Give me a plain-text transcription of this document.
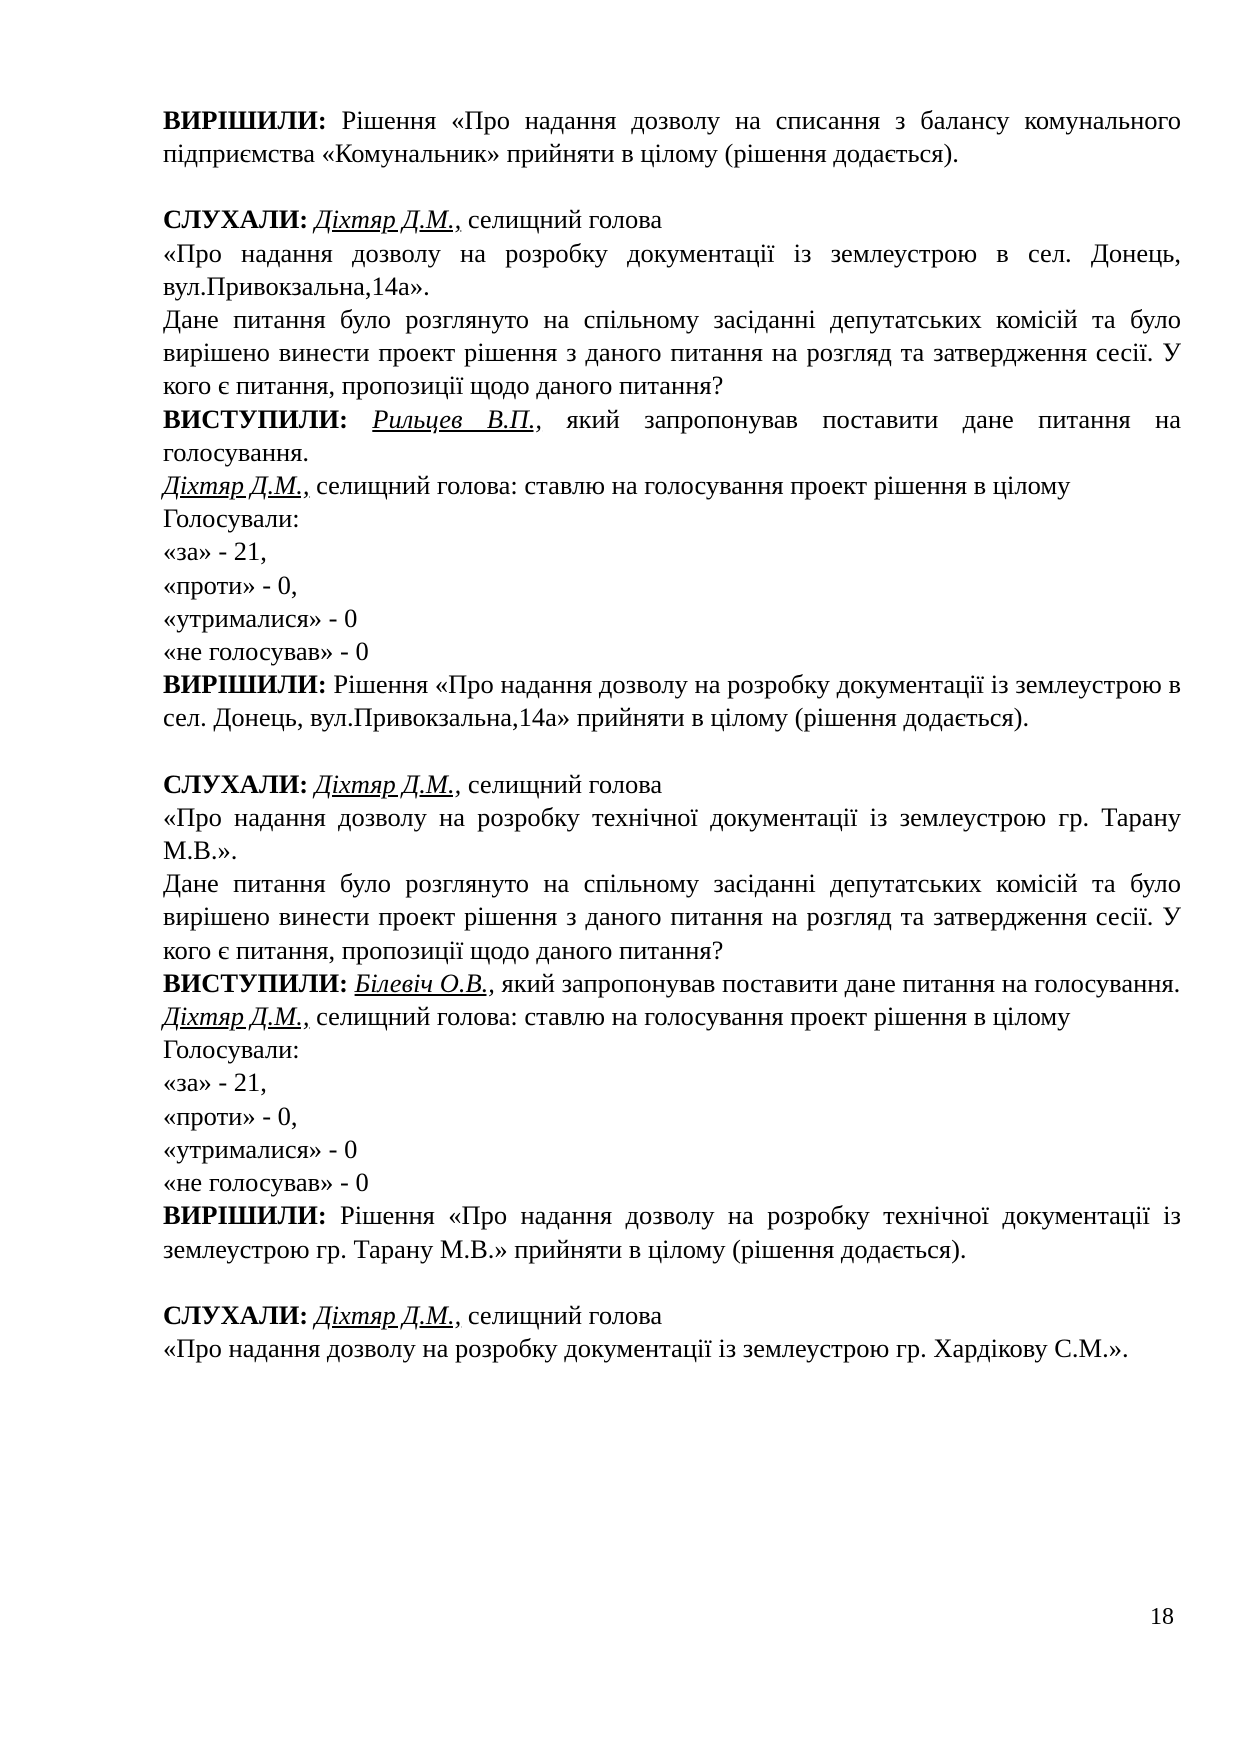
ВИРІШИЛИ: Рішення «Про надання дозволу на списання з балансу комунального підприємства «Комунальник» прийняти в цілому (рішення додається).

СЛУХАЛИ: Діхтяр Д.М., селищний голова

«Про надання дозволу на розробку документації із землеустрою в сел. Донець, вул.Привокзальна,14а».

Дане питання було розглянуто на спільному засіданні депутатських комісій та було вирішено винести проект рішення з даного питання на розгляд та затвердження сесії. У кого є питання, пропозиції щодо даного питання?

ВИСТУПИЛИ: Рильцев В.П., який запропонував поставити дане питання на голосування.

Діхтяр Д.М., селищний голова: ставлю на голосування проект рішення в цілому

Голосували:

«за» - 21,

«проти» - 0,

«утрималися» - 0

«не голосував» - 0

ВИРІШИЛИ: Рішення «Про надання дозволу на розробку документації із землеустрою в сел. Донець, вул.Привокзальна,14а» прийняти в цілому (рішення додається).

СЛУХАЛИ: Діхтяр Д.М., селищний голова

«Про надання дозволу на розробку технічної документації із землеустрою гр. Тарану М.В.».

Дане питання було розглянуто на спільному засіданні депутатських комісій та було вирішено винести проект рішення з даного питання на розгляд та затвердження сесії. У кого є питання, пропозиції щодо даного питання?

ВИСТУПИЛИ: Білевіч О.В., який запропонував поставити дане питання на голосування.

Діхтяр Д.М., селищний голова: ставлю на голосування проект рішення в цілому

Голосували:

«за» - 21,

«проти» - 0,

«утрималися» - 0

«не голосував» - 0

ВИРІШИЛИ: Рішення «Про надання дозволу на розробку технічної документації із землеустрою гр. Тарану М.В.» прийняти в цілому (рішення додається).

СЛУХАЛИ: Діхтяр Д.М., селищний голова

«Про надання дозволу на розробку документації із землеустрою гр. Хардікову С.М.».

18
